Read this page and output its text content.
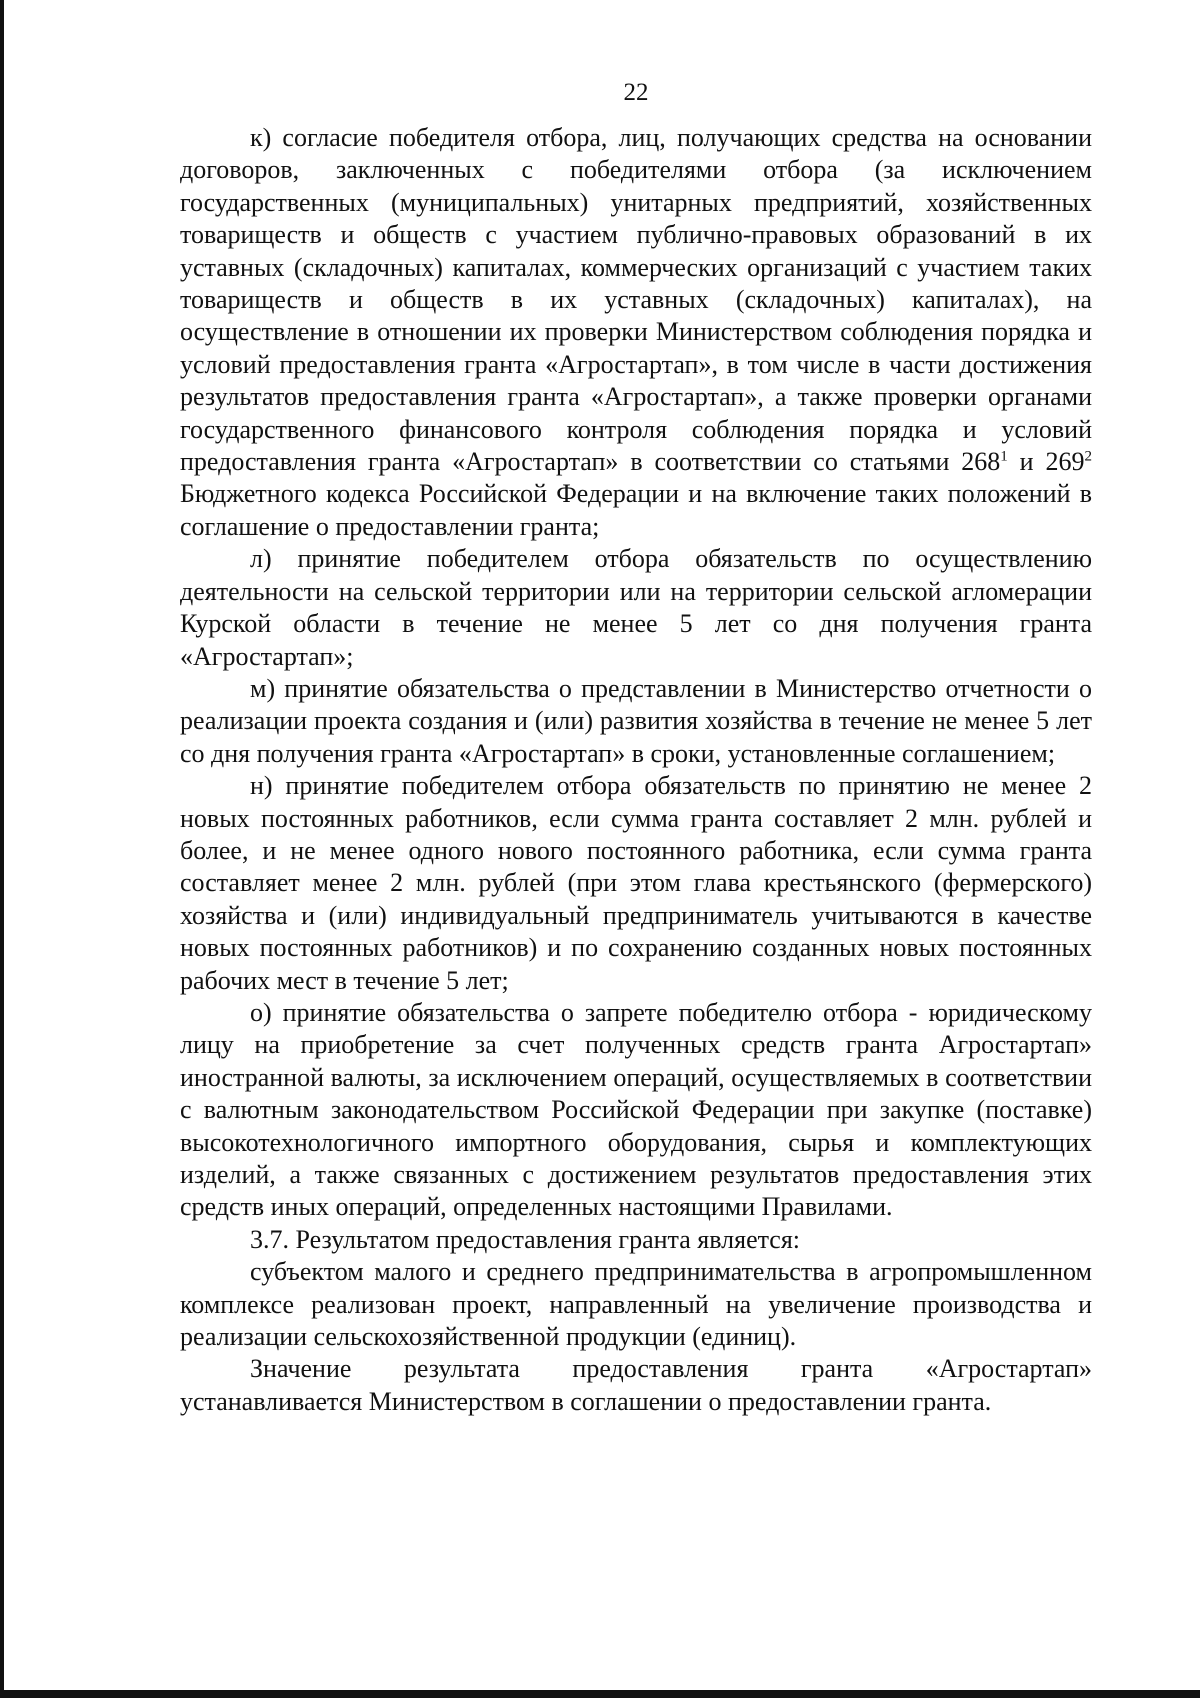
22

к) согласие победителя отбора, лиц, получающих средства на основании договоров, заключенных с победителями отбора (за исключением государственных (муниципальных) унитарных предприятий, хозяйственных товариществ и обществ с участием публично-правовых образований в их уставных (складочных) капиталах, коммерческих организаций с участием таких товариществ и обществ в их уставных (складочных) капиталах), на осуществление в отношении их проверки Министерством соблюдения порядка и условий предоставления гранта «Агростартап», в том числе в части достижения результатов предоставления гранта «Агростартап», а также проверки органами государственного финансового контроля соблюдения порядка и условий предоставления гранта «Агростартап» в соответствии со статьями $268^1$ и $269^2$ Бюджетного кодекса Российской Федерации и на включение таких положений в соглашение о предоставлении гранта;

л) принятие победителем отбора обязательств по осуществлению деятельности на сельской территории или на территории сельской агломерации Курской области в течение не менее 5 лет со дня получения гранта «Агростартап»;

м) принятие обязательства о представлении в Министерство отчетности о реализации проекта создания и (или) развития хозяйства в течение не менее 5 лет со дня получения гранта «Агростартап» в сроки, установленные соглашением;

н) принятие победителем отбора обязательств по принятию не менее 2 новых постоянных работников, если сумма гранта составляет 2 млн. рублей и более, и не менее одного нового постоянного работника, если сумма гранта составляет менее 2 млн. рублей (при этом глава крестьянского (фермерского) хозяйства и (или) индивидуальный предприниматель учитываются в качестве новых постоянных работников) и по сохранению созданных новых постоянных рабочих мест в течение 5 лет;

о) принятие обязательства о запрете победителю отбора - юридическому лицу на приобретение за счет полученных средств гранта Агростартап» иностранной валюты, за исключением операций, осуществляемых в соответствии с валютным законодательством Российской Федерации при закупке (поставке) высокотехнологичного импортного оборудования, сырья и комплектующих изделий, а также связанных с достижением результатов предоставления этих средств иных операций, определенных настоящими Правилами.

3.7. Результатом предоставления гранта является:

субъектом малого и среднего предпринимательства в агропромышленном комплексе реализован проект, направленный на увеличение производства и реализации сельскохозяйственной продукции (единиц).

Значение результата предоставления гранта «Агростартап» устанавливается Министерством в соглашении о предоставлении гранта.
